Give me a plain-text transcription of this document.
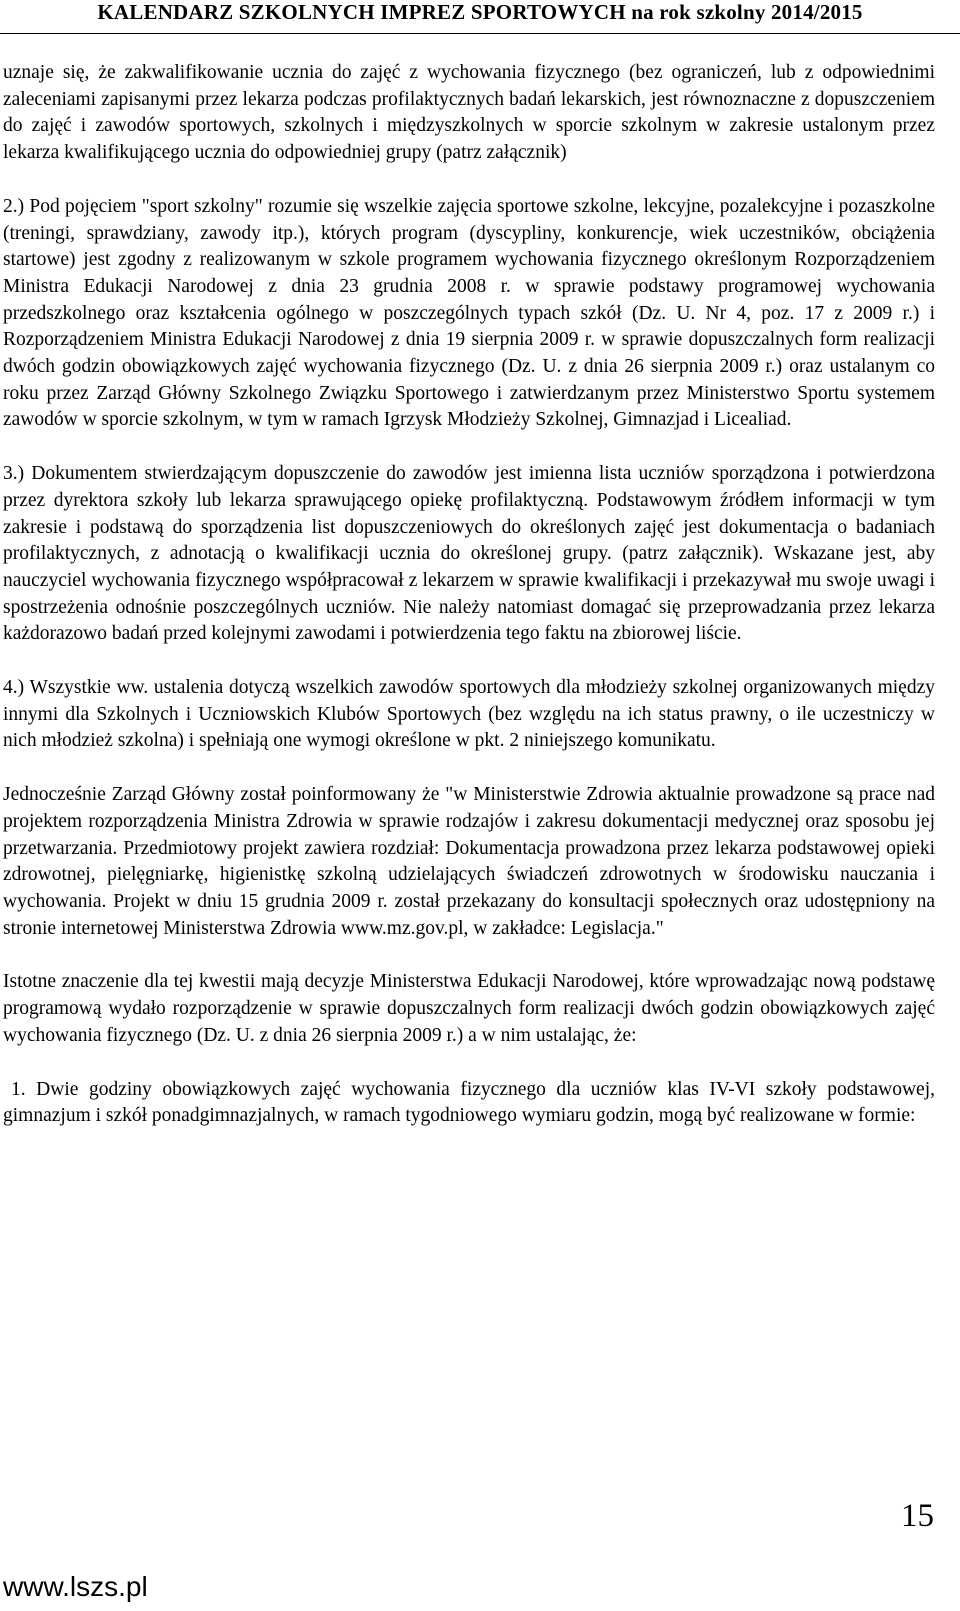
KALENDARZ SZKOLNYCH IMPREZ SPORTOWYCH na rok szkolny 2014/2015

uznaje się, że zakwalifikowanie ucznia do zajęć z wychowania fizycznego (bez ograniczeń, lub z odpowiednimi zaleceniami zapisanymi przez lekarza podczas profilaktycznych badań lekarskich, jest równoznaczne z dopuszczeniem do zajęć i zawodów sportowych, szkolnych i międzyszkolnych w sporcie szkolnym w zakresie ustalonym przez lekarza kwalifikującego ucznia do odpowiedniej grupy (patrz załącznik)

2.) Pod pojęciem "sport szkolny" rozumie się wszelkie zajęcia sportowe szkolne, lekcyjne, pozalekcyjne i pozaszkolne (treningi, sprawdziany, zawody itp.), których program (dyscypliny, konkurencje, wiek uczestników, obciążenia startowe) jest zgodny z realizowanym w szkole programem wychowania fizycznego określonym Rozporządzeniem Ministra Edukacji Narodowej z dnia 23 grudnia 2008 r. w sprawie podstawy programowej wychowania przedszkolnego oraz kształcenia ogólnego w poszczególnych typach szkół (Dz. U. Nr 4, poz. 17 z 2009 r.) i Rozporządzeniem Ministra Edukacji Narodowej z dnia 19 sierpnia 2009 r. w sprawie dopuszczalnych form realizacji dwóch godzin obowiązkowych zajęć wychowania fizycznego (Dz. U. z dnia 26 sierpnia 2009 r.) oraz ustalanym co roku przez Zarząd Główny Szkolnego Związku Sportowego i zatwierdzanym przez Ministerstwo Sportu systemem zawodów w sporcie szkolnym, w tym w ramach Igrzysk Młodzieży Szkolnej, Gimnazjad i Licealiad.

3.) Dokumentem stwierdzającym dopuszczenie do zawodów jest imienna lista uczniów sporządzona i potwierdzona przez dyrektora szkoły lub lekarza sprawującego opiekę profilaktyczną. Podstawowym źródłem informacji w tym zakresie i podstawą do sporządzenia list dopuszczeniowych do określonych zajęć jest dokumentacja o badaniach profilaktycznych, z adnotacją o kwalifikacji ucznia do określonej grupy. (patrz załącznik). Wskazane jest, aby nauczyciel wychowania fizycznego współpracował z lekarzem w sprawie kwalifikacji i przekazywał mu swoje uwagi i spostrzeżenia odnośnie poszczególnych uczniów. Nie należy natomiast domagać się przeprowadzania przez lekarza każdorazowo badań przed kolejnymi zawodami i potwierdzenia tego faktu na zbiorowej liście.

4.) Wszystkie ww. ustalenia dotyczą wszelkich zawodów sportowych dla młodzieży szkolnej organizowanych między innymi dla Szkolnych i Uczniowskich Klubów Sportowych (bez względu na ich status prawny, o ile uczestniczy w nich młodzież szkolna) i spełniają one wymogi określone w pkt. 2 niniejszego komunikatu.

Jednocześnie Zarząd Główny został poinformowany że "w Ministerstwie Zdrowia aktualnie prowadzone są prace nad projektem rozporządzenia Ministra Zdrowia w sprawie rodzajów i zakresu dokumentacji medycznej oraz sposobu jej przetwarzania. Przedmiotowy projekt zawiera rozdział: Dokumentacja prowadzona przez lekarza podstawowej opieki zdrowotnej, pielęgniarkę, higienistkę szkolną udzielających świadczeń zdrowotnych w środowisku nauczania i wychowania. Projekt w dniu 15 grudnia 2009 r. został przekazany do konsultacji społecznych oraz udostępniony na stronie internetowej Ministerstwa Zdrowia www.mz.gov.pl, w zakładce: Legislacja."

Istotne znaczenie dla tej kwestii mają decyzje Ministerstwa Edukacji Narodowej, które wprowadzając nową podstawę programową wydało rozporządzenie w sprawie dopuszczalnych form realizacji dwóch godzin obowiązkowych zajęć wychowania fizycznego (Dz. U. z dnia 26 sierpnia 2009 r.) a w nim ustalając, że:

1. Dwie godziny obowiązkowych zajęć wychowania fizycznego dla uczniów klas IV-VI szkoły podstawowej, gimnazjum i szkół ponadgimnazjalnych, w ramach tygodniowego wymiaru godzin, mogą być realizowane w formie:

15
www.lszs.pl
